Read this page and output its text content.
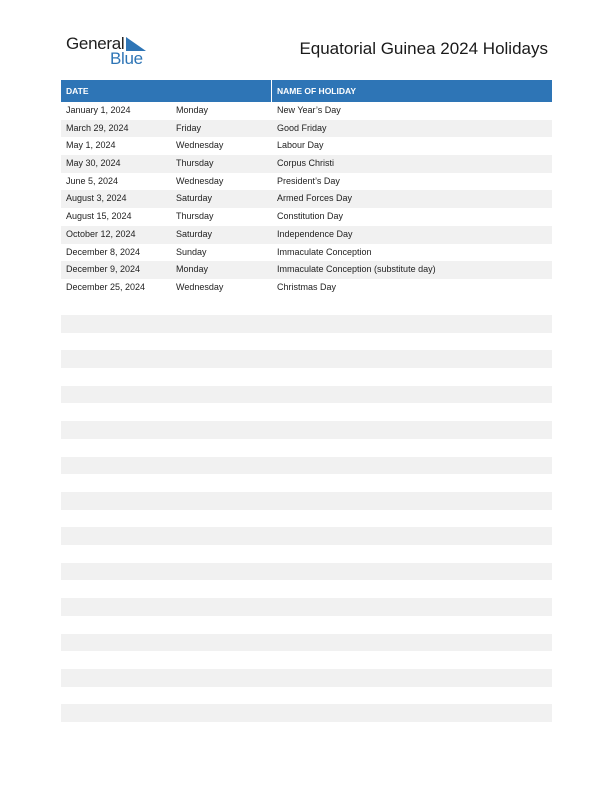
General
Blue
Equatorial Guinea 2024 Holidays
DATE	NAME OF HOLIDAY
January 1, 2024	Monday	New Year’s Day
March 29, 2024	Friday	Good Friday
May 1, 2024	Wednesday	Labour Day
May 30, 2024	Thursday	Corpus Christi
June 5, 2024	Wednesday	President’s Day
August 3, 2024	Saturday	Armed Forces Day
August 15, 2024	Thursday	Constitution Day
October 12, 2024	Saturday	Independence Day
December 8, 2024	Sunday	Immaculate Conception
December 9, 2024	Monday	Immaculate Conception (substitute day)
December 25, 2024	Wednesday	Christmas Day
